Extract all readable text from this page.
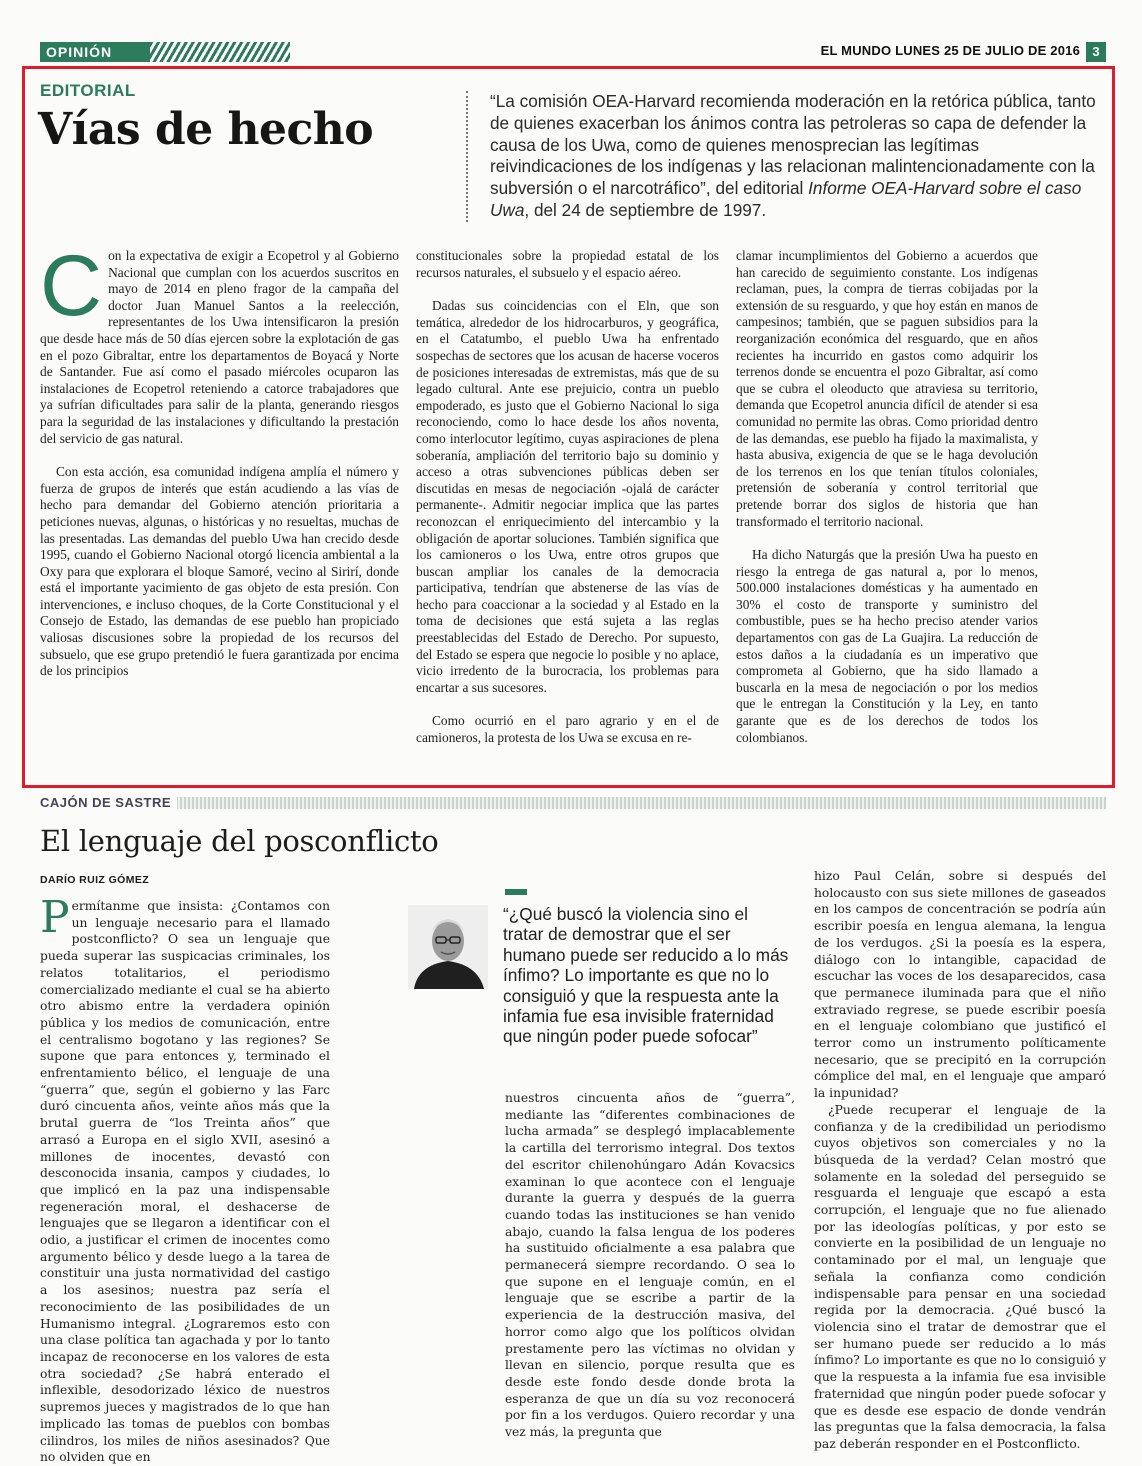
OPINIÓN	EL MUNDO LUNES 25 DE JULIO DE 2016 3
EDITORIAL
Vías de hecho
“La comisión OEA-Harvard recomienda moderación en la retórica pública, tanto de quienes exacerban los ánimos contra las petroleras so capa de defender la causa de los Uwa, como de quienes menosprecian las legítimas reivindicaciones de los indígenas y las relacionan malintencionadamente con la subversión o el narcotráfico”, del editorial Informe OEA-Harvard sobre el caso Uwa, del 24 de septiembre de 1997.

Con la expectativa de exigir a Ecopetrol y al Gobierno Nacional que cumplan con los acuerdos suscritos en mayo de 2014 en pleno fragor de la campaña del doctor Juan Manuel Santos a la reelección, representantes de los Uwa intensificaron la presión que desde hace más de 50 días ejercen sobre la explotación de gas en el pozo Gibraltar, entre los departamentos de Boyacá y Norte de Santander. Fue así como el pasado miércoles ocuparon las instalaciones de Ecopetrol reteniendo a catorce trabajadores que ya sufrían dificultades para salir de la planta, generando riesgos para la seguridad de las instalaciones y dificultando la prestación del servicio de gas natural.

Con esta acción, esa comunidad indígena amplía el número y fuerza de grupos de interés que están acudiendo a las vías de hecho para demandar del Gobierno atención prioritaria a peticiones nuevas, algunas, o históricas y no resueltas, muchas de las presentadas. Las demandas del pueblo Uwa han crecido desde 1995, cuando el Gobierno Nacional otorgó licencia ambiental a la Oxy para que explorara el bloque Samoré, vecino al Sirirí, donde está el importante yacimiento de gas objeto de esta presión. Con intervenciones, e incluso choques, de la Corte Constitucional y el Consejo de Estado, las demandas de ese pueblo han propiciado valiosas discusiones sobre la propiedad de los recursos del subsuelo, que ese grupo pretendió le fuera garantizada por encima de los principios

constitucionales sobre la propiedad estatal de los recursos naturales, el subsuelo y el espacio aéreo.

Dadas sus coincidencias con el Eln, que son temática, alrededor de los hidrocarburos, y geográfica, en el Catatumbo, el pueblo Uwa ha enfrentado sospechas de sectores que los acusan de hacerse voceros de posiciones interesadas de extremistas, más que de su legado cultural. Ante ese prejuicio, contra un pueblo empoderado, es justo que el Gobierno Nacional lo siga reconociendo, como lo hace desde los años noventa, como interlocutor legítimo, cuyas aspiraciones de plena soberanía, ampliación del territorio bajo su dominio y acceso a otras subvenciones públicas deben ser discutidas en mesas de negociación -ojalá de carácter permanente-. Admitir negociar implica que las partes reconozcan el enriquecimiento del intercambio y la obligación de aportar soluciones. También significa que los camioneros o los Uwa, entre otros grupos que buscan ampliar los canales de la democracia participativa, tendrían que abstenerse de las vías de hecho para coaccionar a la sociedad y al Estado en la toma de decisiones que está sujeta a las reglas preestablecidas del Estado de Derecho. Por supuesto, del Estado se espera que negocie lo posible y no aplace, vicio irredento de la burocracia, los problemas para encartar a sus sucesores.

Como ocurrió en el paro agrario y en el de camioneros, la protesta de los Uwa se excusa en re-

clamar incumplimientos del Gobierno a acuerdos que han carecido de seguimiento constante. Los indígenas reclaman, pues, la compra de tierras cobijadas por la extensión de su resguardo, y que hoy están en manos de campesinos; también, que se paguen subsidios para la reorganización económica del resguardo, que en años recientes ha incurrido en gastos como adquirir los terrenos donde se encuentra el pozo Gibraltar, así como que se cubra el oleoducto que atraviesa su territorio, demanda que Ecopetrol anuncia difícil de atender si esa comunidad no permite las obras. Como prioridad dentro de las demandas, ese pueblo ha fijado la maximalista, y hasta abusiva, exigencia de que se le haga devolución de los terrenos en los que tenían títulos coloniales, pretensión de soberanía y control territorial que pretende borrar dos siglos de historia que han transformado el territorio nacional.

Ha dicho Naturgás que la presión Uwa ha puesto en riesgo la entrega de gas natural a, por lo menos, 500.000 instalaciones domésticas y ha aumentado en 30% el costo de transporte y suministro del combustible, pues se ha hecho preciso atender varios departamentos con gas de La Guajira. La reducción de estos daños a la ciudadanía es un imperativo que comprometa al Gobierno, que ha sido llamado a buscarla en la mesa de negociación o por los medios que le entregan la Constitución y la Ley, en tanto garante que es de los derechos de todos los colombianos.

CAJÓN DE SASTRE
El lenguaje del posconflicto
DARÍO RUIZ GÓMEZ

Permítanme que insista: ¿Contamos con un lenguaje necesario para el llamado postconflicto? O sea un lenguaje que pueda superar las suspicacias criminales, los relatos totalitarios, el periodismo comercializado mediante el cual se ha abierto otro abismo entre la verdadera opinión pública y los medios de comunicación, entre el centralismo bogotano y las regiones? Se supone que para entonces y, terminado el enfrentamiento bélico, el lenguaje de una “guerra” que, según el gobierno y las Farc duró cincuenta años, veinte años más que la brutal guerra de “los Treinta años” que arrasó a Europa en el siglo XVII, asesinó a millones de inocentes, devastó con desconocida insania, campos y ciudades, lo que implicó en la paz una indispensable regeneración moral, el deshacerse de lenguajes que se llegaron a identificar con el odio, a justificar el crimen de inocentes como argumento bélico y desde luego a la tarea de constituir una justa normatividad del castigo a los asesinos; nuestra paz sería el reconocimiento de las posibilidades de un Humanismo integral. ¿Lograremos esto con una clase política tan agachada y por lo tanto incapaz de reconocerse en los valores de esta otra sociedad? ¿Se habrá enterado el inflexible, desodorizado léxico de nuestros supremos jueces y magistrados de lo que han implicado las tomas de pueblos con bombas cilindros, los miles de niños asesinados? Que no olviden que en

“¿Qué buscó la violencia sino el tratar de demostrar que el ser humano puede ser reducido a lo más ínfimo? Lo importante es que no lo consiguió y que la respuesta ante la infamia fue esa invisible fraternidad que ningún poder puede sofocar”

nuestros cincuenta años de “guerra”, mediante las “diferentes combinaciones de lucha armada” se desplegó implacablemente la cartilla del terrorismo integral. Dos textos del escritor chilenohúngaro Adán Kovacsics examinan lo que acontece con el lenguaje durante la guerra y después de la guerra cuando todas las instituciones se han venido abajo, cuando la falsa lengua de los poderes ha sustituido oficialmente a esa palabra que permanecerá siempre recordando. O sea lo que supone en el lenguaje común, en el lenguaje que se escribe a partir de la experiencia de la destrucción masiva, del horror como algo que los políticos olvidan prestamente pero las víctimas no olvidan y llevan en silencio, porque resulta que es desde este fondo desde donde brota la esperanza de que un día su voz reconocerá por fin a los verdugos. Quiero recordar y una vez más, la pregunta que

hizo Paul Celán, sobre si después del holocausto con sus siete millones de gaseados en los campos de concentración se podría aún escribir poesía en lengua alemana, la lengua de los verdugos. ¿Si la poesía es la espera, diálogo con lo intangible, capacidad de escuchar las voces de los desaparecidos, casa que permanece iluminada para que el niño extraviado regrese, se puede escribir poesía en el lenguaje colombiano que justificó el terror como un instrumento políticamente necesario, que se precipitó en la corrupción cómplice del mal, en el lenguaje que amparó la inpunidad?

¿Puede recuperar el lenguaje de la confianza y de la credibilidad un periodismo cuyos objetivos son comerciales y no la búsqueda de la verdad? Celan mostró que solamente en la soledad del perseguido se resguarda el lenguaje que escapó a esta corrupción, el lenguaje que no fue alienado por las ideologías políticas, y por esto se convierte en la posibilidad de un lenguaje no contaminado por el mal, un lenguaje que señala la confianza como condición indispensable para pensar en una sociedad regida por la democracia. ¿Qué buscó la violencia sino el tratar de demostrar que el ser humano puede ser reducido a lo más ínfimo? Lo importante es que no lo consiguió y que la respuesta a la infamia fue esa invisible fraternidad que ningún poder puede sofocar y que es desde ese espacio de donde vendrán las preguntas que la falsa democracia, la falsa paz deberán responder en el Postconflicto.
